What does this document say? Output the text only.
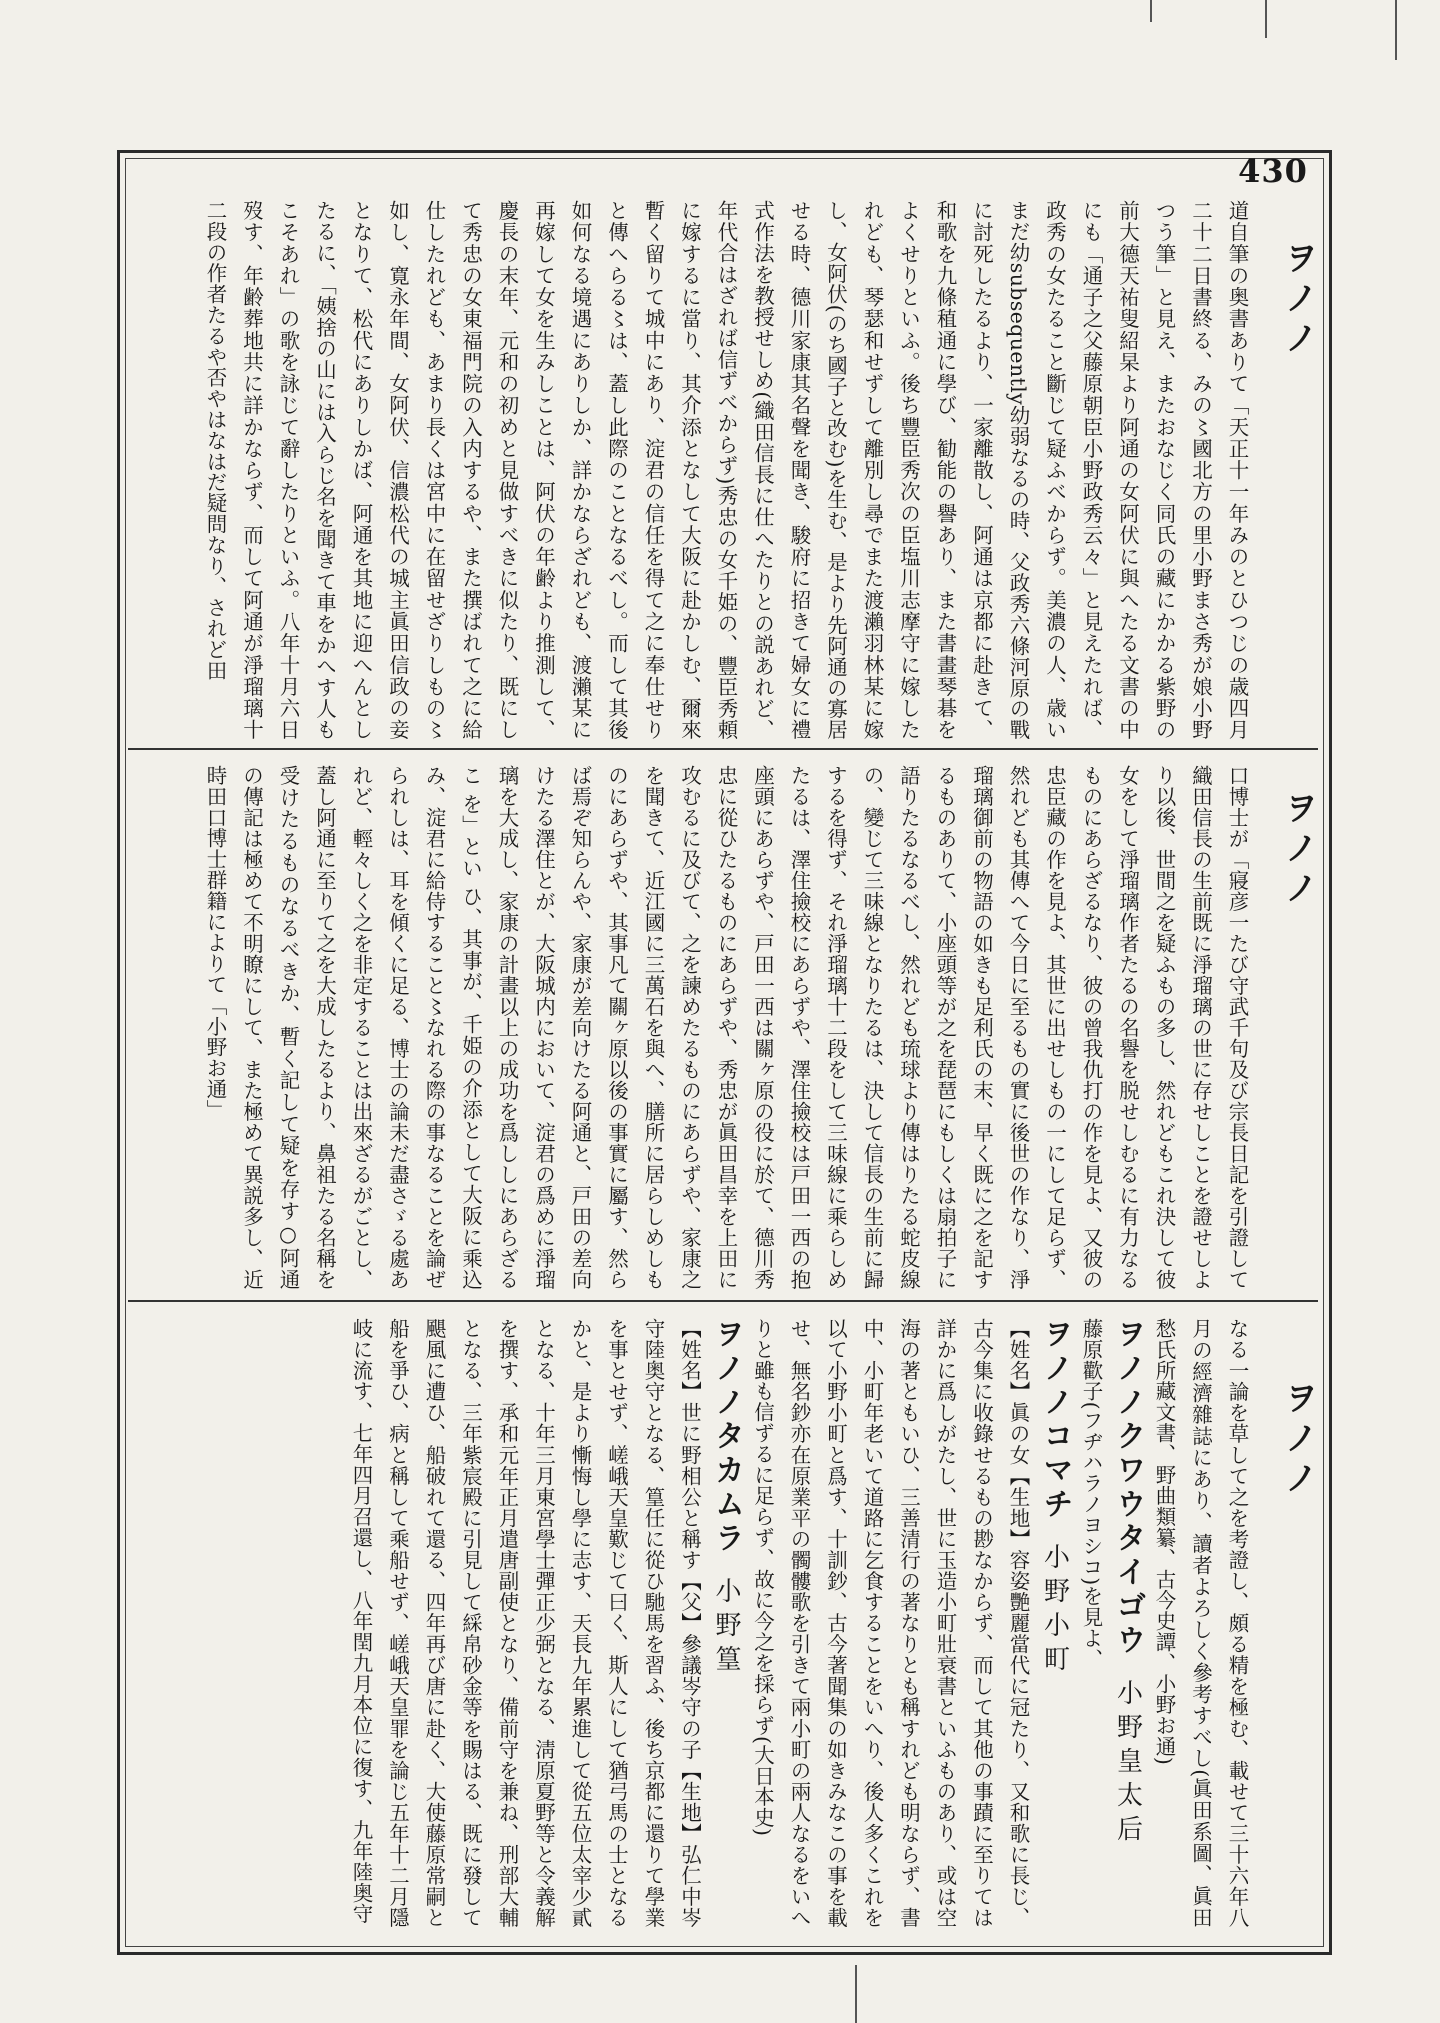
430
ヲノノ
ヲノノ
ヲノノ

道自筆の奥書ありて「天正十一年みのとひつじの歳四月二十二日書終る、みの〻國北方の里小野まさ秀が娘小野つう筆」と見え、またおなじく同氏の藏にかかる紫野の前大德天祐叟紹杲より阿通の女阿伏に與へたる文書の中にも「通子之父藤原朝臣小野政秀云々」と見えたれば、政秀の女たること斷じて疑ふべからず。美濃の人、歳いまだ幼subsequently幼弱なるの時、父政秀六條河原の戰に討死したるより、一家離散し、阿通は京都に赴きて、和歌を九條稙通に學び、勧能の譽あり、また書畫琴碁をよくせりといふ。後ち豐臣秀次の臣塩川志摩守に嫁したれども、琴瑟和せずして離別し尋でまた渡瀨羽林某に嫁し、女阿伏(のち國子と改む)を生む、是より先阿通の寡居せる時、德川家康其名聲を聞き、駿府に招きて婦女に禮式作法を教授せしめ(織田信長に仕へたりとの説あれど、年代合はざれば信ずべからず)秀忠の女千姫の、豐臣秀頼に嫁するに當り、其介添となして大阪に赴かしむ、爾來暫く留りて城中にあり、淀君の信任を得て之に奉仕せりと傳へらる〻は、蓋し此際のことなるべし。而して其後如何なる境遇にありしか、詳かならざれども、渡瀨某に再嫁して女を生みしことは、阿伏の年齢より推測して、慶長の末年、元和の初めと見做すべきに似たり、既にして秀忠の女東福門院の入内するや、また撰ばれて之に給仕したれども、あまり長くは宮中に在留せざりしもの〻如し、寛永年間、女阿伏、信濃松代の城主眞田信政の妾となりて、松代にありしかば、阿通を其地に迎へんとしたるに、「姨捨の山には入らじ名を聞きて車をかへす人もこそあれ」の歌を詠じて辭したりといふ。八年十月六日歿す、年齢葬地共に詳かならず、而して阿通が淨瑠璃十二段の作者たるや否やはなはだ疑問なり、されど田

口博士が「寢彦一たび守武千句及び宗長日記を引證して織田信長の生前既に淨瑠璃の世に存せしことを證せしより以後、世間之を疑ふもの多し、然れどもこれ決して彼女をして淨瑠璃作者たるの名譽を脱せしむるに有力なるものにあらざるなり、彼の曾我仇打の作を見よ、又彼の忠臣藏の作を見よ、其世に出せしもの一にして足らず、然れども其傳へて今日に至るもの實に後世の作なり、淨瑠璃御前の物語の如きも足利氏の末、早く既に之を記するものありて、小座頭等が之を琵琶にもしくは扇拍子に語りたるなるべし、然れども琉球より傳はりたる蛇皮線の、變じて三味線となりたるは、決して信長の生前に歸するを得ず、それ淨瑠璃十二段をして三味線に乘らしめたるは、澤住撿校にあらずや、澤住撿校は戸田一西の抱座頭にあらずや、戸田一西は關ヶ原の役に於て、德川秀忠に從ひたるものにあらずや、秀忠が眞田昌幸を上田に攻むるに及びて、之を諫めたるものにあらずや、家康之を聞きて、近江國に三萬石を與へ、膳所に居らしめしものにあらずや、其事凡て關ヶ原以後の事實に屬す、然らば焉ぞ知らんや、家康が差向けたる阿通と、戸田の差向けたる澤住とが、大阪城内において、淀君の爲めに淨瑠璃を大成し、家康の計畫以上の成功を爲ししにあらざるこ を」とい ひ、其事が、千姫の介添として大阪に乘込み、淀君に給侍すること〻なれる際の事なることを論ぜられしは、耳を傾くに足る、博士の論未だ盡さゞる處あれど、輕々しく之を非定することは出來ざるがごとし、蓋し阿通に至りて之を大成したるより、鼻祖たる名稱を受けたるものなるべきか、暫く記して疑を存す○阿通の傳記は極めて不明瞭にして、また極めて異説多し、近時田口博士群籍によりて「小野お通」

なる一論を草して之を考證し、頗る精を極む、載せて三十六年八月の經濟雜誌にあり、讀者よろしく參考すべし(眞田系圖、眞田愁氏所藏文書、野曲類纂、古今史譚、小野お通)

ヲノノクワウタイゴウ　小野皇太后

藤原歡子(フヂハラノヨシコ)を見よ、

ヲノノコマチ　小野小町

【姓名】眞の女【生地】容姿艷麗當代に冠たり、又和歌に長じ、古今集に收錄せるもの尠なからず、而して其他の事蹟に至りては詳かに爲しがたし、世に玉造小町壯衰書といふものあり、或は空海の著ともいひ、三善清行の著なりとも稱すれども明ならず、書中、小町年老いて道路に乞食することをいへり、後人多くこれを以て小野小町と爲す、十訓鈔、古今著聞集の如きみなこの事を載せ、無名鈔亦在原業平の髑髏歌を引きて兩小町の兩人なるをいへりと雖も信ずるに足らず、故に今之を採らず(大日本史)

ヲノノタカムラ　小野篁

【姓名】世に野相公と稱す【父】參議岑守の子【生地】弘仁中岑守陸奥守となる、篁任に從ひ馳馬を習ふ、後ち京都に還りて學業を事とせず、嵯峨天皇歎じて曰く、斯人にして猶弓馬の士となるかと、是より慚悔し學に志す、天長九年累進して從五位太宰少貳となる、十年三月東宮學士彈正少弼となる、淸原夏野等と令義解を撰す、承和元年正月遣唐副使となり、備前守を兼ね、刑部大輔となる、三年紫宸殿に引見して綵帛砂金等を賜はる、既に發して颶風に遭ひ、船破れて還る、四年再び唐に赴く、大使藤原常嗣と船を爭ひ、病と稱して乘船せず、嵯峨天皇罪を論じ五年十二月隱岐に流す、七年四月召還し、八年閏九月本位に復す、九年陸奥守
